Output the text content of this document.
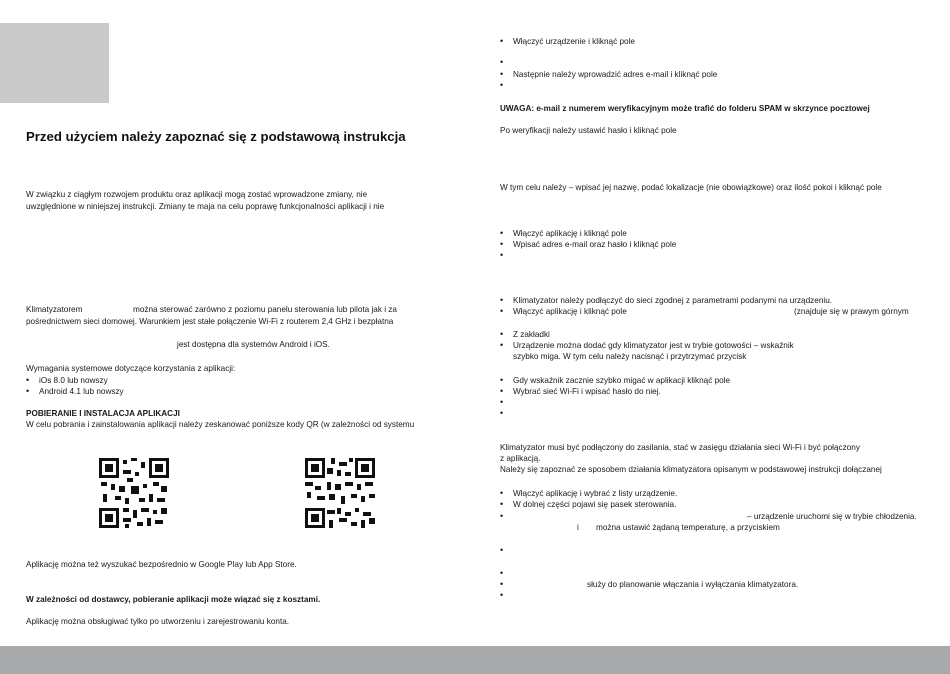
Przed użyciem należy zapoznać się z podstawową instrukcja
W związku z ciągłym rozwojem produktu oraz aplikacji mogą zostać wprowadzone zmiany, nie
uwzględnione w niniejszej instrukcji. Zmiany te maja na celu poprawę funkcjonalności aplikacji i nie
Klimatyzatorem	można sterować zarówno z poziomu panelu sterowania lub pilota jak i za
pośrednictwem sieci domowej. Warunkiem jest stałe połączenie Wi-Fi z routerem 2,4 GHz i bezpłatna
jest dostępna dla systemów Android i iOS.
Wymagania systemowe dotyczące korzystania z aplikacji:
• iOs 8.0 lub nowszy
• Android 4.1 lub nowszy
POBIERANIE I INSTALACJA APLIKACJI
W celu pobrania i zainstalowania aplikacji należy zeskanować poniższe kody QR (w zależności od systemu
Aplikację można też wyszukać bezpośrednio w Google Play lub App Store.
W zależności od dostawcy, pobieranie aplikacji może wiązać się z kosztami.
Aplikację można obsługiwać tylko po utworzeniu i zarejestrowaniu konta.
• Włączyć urządzenie i kliknąć pole
• Następnie należy wprowadzić adres e-mail i kliknąć pole
UWAGA: e-mail z numerem weryfikacyjnym może trafić do folderu SPAM w skrzynce pocztowej
Po weryfikacji należy ustawić hasło i kliknąć pole
W tym celu należy – wpisać jej nazwę, podać lokalizacje (nie obowiązkowe) oraz ilość pokoi i kliknąć pole
• Włączyć aplikację i kliknąć pole
• Wpisać adres e-mail oraz hasło i kliknąć pole
• Klimatyzator należy podłączyć do sieci zgodnej z parametrami podanymi na urządzeniu.
• Włączyć aplikację i kliknąć pole	(znajduje się w prawym górnym
• Z zakładki
• Urządzenie można dodać gdy klimatyzator jest w trybie gotowości – wskaźnik
szybko miga. W tym celu należy nacisnąć i przytrzymać przycisk
• Gdy wskaźnik zacznie szybko migać w aplikacji kliknąć pole
• Wybrać sieć Wi-Fi i wpisać hasło do niej.
Klimatyzator musi być podłączony do zasilania, stać w zasięgu działania sieci Wi-Fi i być połączony
z aplikacją.
Należy się zapoznać ze sposobem działania klimatyzatora opisanym w podstawowej instrukcji dołączanej
• Włączyć aplikację i wybrać z listy urządzenie.
• W dolnej części pojawi się pasek sterowania.
– urządzenie uruchomi się w trybie chłodzenia.
i można ustawić żądaną temperaturę, a przyciskiem
służy do planowanie włączania i wyłączania klimatyzatora.
